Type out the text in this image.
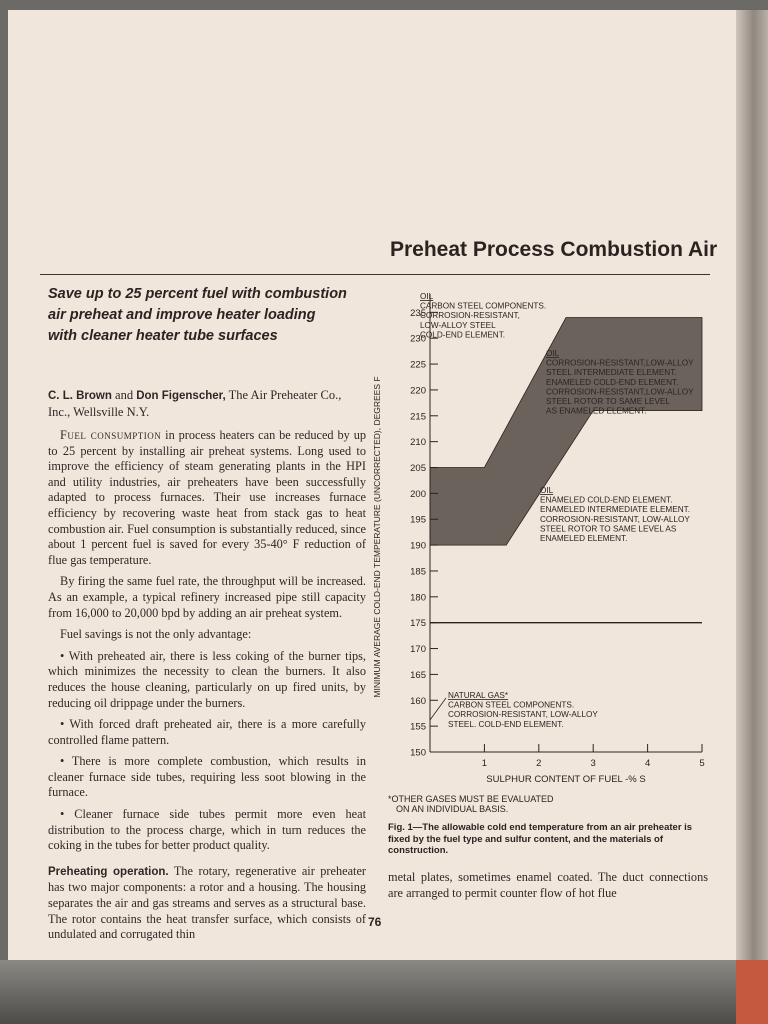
Preheat Process Combustion Air
Save up to 25 percent fuel with combustion air preheat and improve heater loading with cleaner heater tube surfaces
C. L. Brown and Don Figenscher, The Air Preheater Co., Inc., Wellsville N.Y.

Fuel consumption in process heaters can be reduced by up to 25 percent by installing air preheat systems. Long used to improve the efficiency of steam generating plants in the HPI and utility industries, air preheaters have been successfully adapted to process furnaces. Their use increases furnace efficiency by recovering waste heat from stack gas to heat combustion air. Fuel consumption is substantially reduced, since about 1 percent fuel is saved for every 35-40° F reduction of flue gas temperature.

By firing the same fuel rate, the throughput will be increased. As an example, a typical refinery increased pipe still capacity from 16,000 to 20,000 bpd by adding an air preheat system.

Fuel savings is not the only advantage:

• With preheated air, there is less coking of the burner tips, which minimizes the necessity to clean the burners. It also reduces the house cleaning, particularly on up fired units, by reducing oil drippage under the burners.

• With forced draft preheated air, there is a more carefully controlled flame pattern.

• There is more complete combustion, which results in cleaner furnace side tubes, requiring less soot blowing in the furnace.

• Cleaner furnace side tubes permit more even heat distribution to the process charge, which in turn reduces the coking in the tubes for better product quality.

Preheating operation. The rotary, regenerative air preheater has two major components: a rotor and a housing. The housing separates the air and gas streams and serves as a structural base. The rotor contains the heat transfer surface, which consists of undulated and corrugated thin

150
155
160
165
170
175
180
185
190
195
200
205
210
215
220
225
230
235
1	2	3	4	5
SULPHUR CONTENT OF FUEL -% S
MINIMUM AVERAGE COLD-END TEMPERATURE (UNCORRECTED), DEGREES F
OIL
CARBON STEEL COMPONENTS.
CORROSION-RESISTANT,
LOW-ALLOY STEEL
COLD-END ELEMENT.
OIL
CORROSION-RESISTANT,LOW-ALLOY
STEEL INTERMEDIATE ELEMENT.
ENAMELED COLD-END ELEMENT.
CORROSION-RESISTANT,LOW-ALLOY
STEEL ROTOR TO SAME LEVEL
AS ENAMELED ELEMENT.
OIL
ENAMELED COLD-END ELEMENT.
ENAMELED INTERMEDIATE ELEMENT.
CORROSION-RESISTANT, LOW-ALLOY
STEEL ROTOR TO SAME LEVEL AS
ENAMELED ELEMENT.
NATURAL GAS*
CARBON STEEL COMPONENTS.
CORROSION-RESISTANT, LOW-ALLOY
STEEL. COLD-END ELEMENT.
*OTHER GASES MUST BE EVALUATED
ON AN INDIVIDUAL BASIS.
Fig. 1—The allowable cold end temperature from an air preheater is fixed by the fuel type and sulfur content, and the materials of construction.
metal plates, sometimes enamel coated. The duct connections are arranged to permit counter flow of hot flue
76
